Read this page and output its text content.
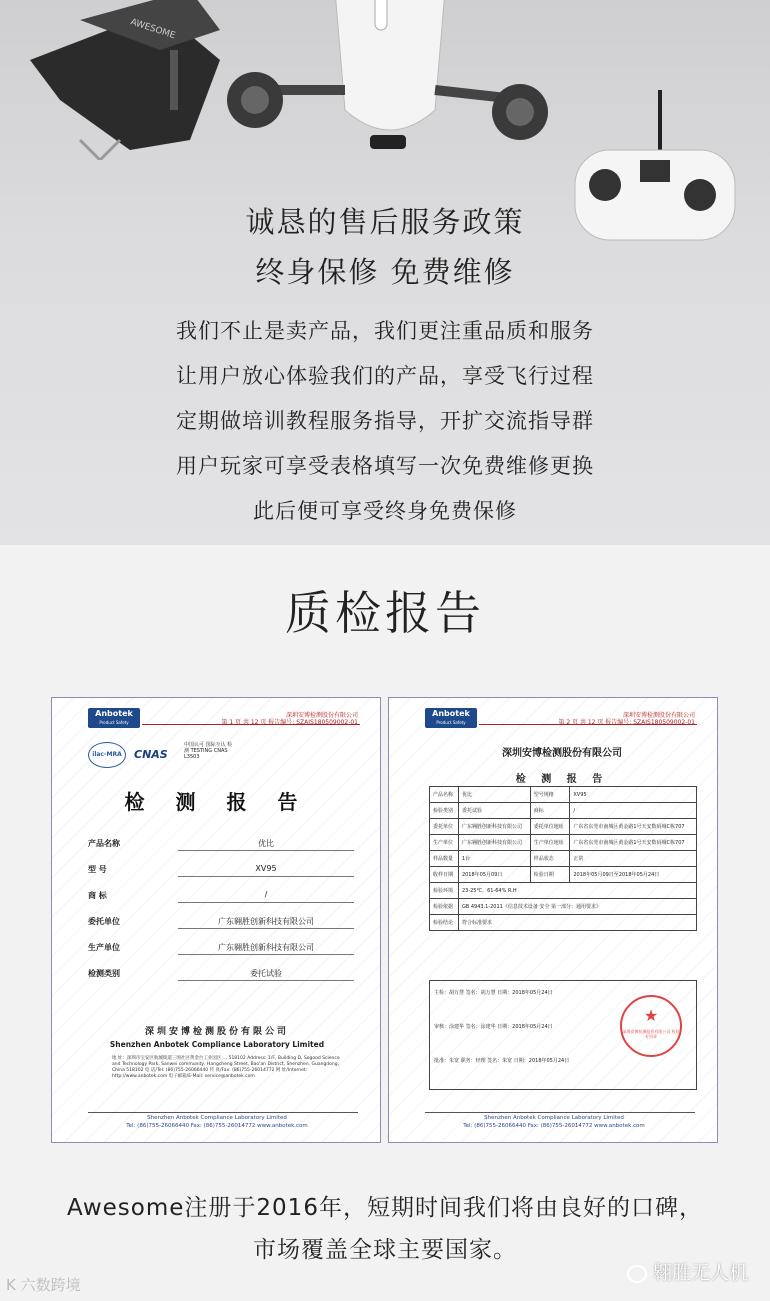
AWESOME
诚恳的售后服务政策
终身保修 免费维修
我们不止是卖产品，我们更注重品质和服务
让用户放心体验我们的产品，享受飞行过程
定期做培训教程服务指导，开扩交流指导群
用户玩家可享受表格填写一次免费维修更换
此后便可享受终身免费保修
质检报告
Anbotek
Product Safety
深圳安博检测股份有限公司
第 1 页 共 12 页 报告编号: SZAIS180509002-01
ilac-MRA	CNAS
中国认可 国际互认 检测 TESTING CNAS L3503
检 测 报 告
产品名称	优比
型 号	XV95
商 标	/
委托单位	广东翱胜创新科技有限公司
生产单位	广东翱胜创新科技有限公司
检测类别	委托试验
深圳安博检测股份有限公司
Shenzhen Anbotek Compliance Laboratory Limited
地 址：深圳市宝安区航城街道三围社区黄金台工业园区 ... 518102 Address: 1/F, Building D, Sogood Science and Technology Park, Sanwei community, Hangcheng Street, Bao'an District, Shenzhen, Guangdong, China 518102 电 话/Tel: (86)755-26066440 传 真/Fax: (86)755-26014772 网 址/Internet: http://www.anbotek.com 电子邮箱/E-Mail: service@anbotek.com
Shenzhen Anbotek Compliance Laboratory Limited
Tel: (86)755-26066440 Fax: (86)755-26014772 www.anbotek.com
Anbotek
Product Safety
深圳安博检测股份有限公司
第 2 页 共 12 页 报告编号: SZAIS180509002-01
深圳安博检测股份有限公司
检 测 报 告
产品名称	优比	型号规格	XV95
检验类别	委托试验	商标	/
委托单位	广东翱胜创新科技有限公司	委托单位地址	广东省东莞市南城区黄金路1号天安数码城C栋707
生产单位	广东翱胜创新科技有限公司	生产单位地址	广东省东莞市南城区黄金路1号天安数码城C栋707
样品数量	1台	样品状态	正常
收样日期	2018年05月09日	检验日期	2018年05月09日至2018年05月24日
检验环境	23-25℃，61-64% R.H		
检验依据	GB 4943.1-2011《信息技术设备 安全 第一部分：通用要求》		
检验结论	符合标准要求		
主检：胡万慧 签名：胡万慧 日期：2018年05月24日
审核：涂建华 签名：涂建华 日期：2018年05月24日
批准：朱宽 职务：经理 签名：朱宽 日期：2018年05月24日
★
深圳安博检测股份有限公司 检验专用章
Shenzhen Anbotek Compliance Laboratory Limited
Tel: (86)755-26066440 Fax: (86)755-26014772 www.anbotek.com
Awesome注册于2016年，短期时间我们将由良好的口碑，
市场覆盖全球主要国家。
K 六数跨境
翱胜无人机
